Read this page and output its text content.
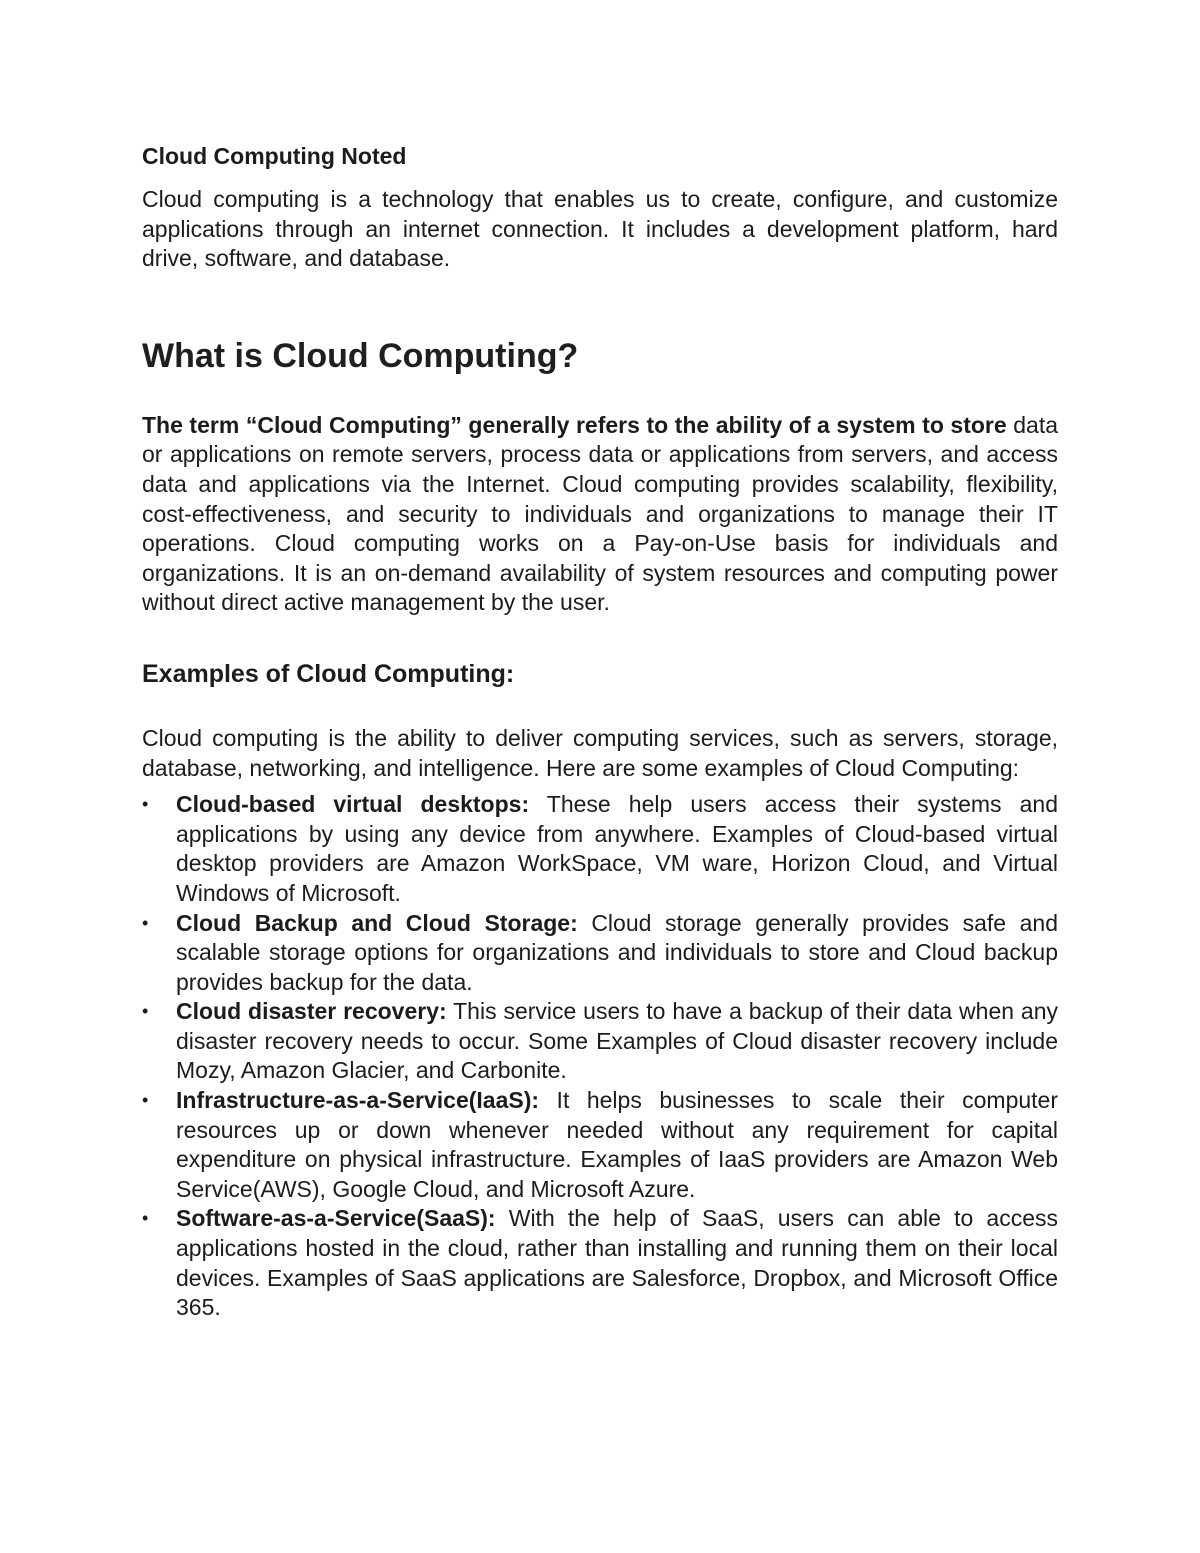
Cloud Computing Noted

Cloud computing is a technology that enables us to create, configure, and customize applications through an internet connection. It includes a development platform, hard drive, software, and database.

What is Cloud Computing?

The term “Cloud Computing” generally refers to the ability of a system to store data or applications on remote servers, process data or applications from servers, and access data and applications via the Internet. Cloud computing provides scalability, flexibility, cost-effectiveness, and security to individuals and organizations to manage their IT operations. Cloud computing works on a Pay-on-Use basis for individuals and organizations. It is an on-demand availability of system resources and computing power without direct active management by the user.

Examples of Cloud Computing:

Cloud computing is the ability to deliver computing services, such as servers, storage, database, networking, and intelligence. Here are some examples of Cloud Computing:

• Cloud-based virtual desktops: These help users access their systems and applications by using any device from anywhere. Examples of Cloud-based virtual desktop providers are Amazon WorkSpace, VM ware, Horizon Cloud, and Virtual Windows of Microsoft.
• Cloud Backup and Cloud Storage: Cloud storage generally provides safe and scalable storage options for organizations and individuals to store and Cloud backup provides backup for the data.
• Cloud disaster recovery: This service users to have a backup of their data when any disaster recovery needs to occur. Some Examples of Cloud disaster recovery include Mozy, Amazon Glacier, and Carbonite.
• Infrastructure-as-a-Service(IaaS): It helps businesses to scale their computer resources up or down whenever needed without any requirement for capital expenditure on physical infrastructure. Examples of IaaS providers are Amazon Web Service(AWS), Google Cloud, and Microsoft Azure.
• Software-as-a-Service(SaaS): With the help of SaaS, users can able to access applications hosted in the cloud, rather than installing and running them on their local devices. Examples of SaaS applications are Salesforce, Dropbox, and Microsoft Office 365.
